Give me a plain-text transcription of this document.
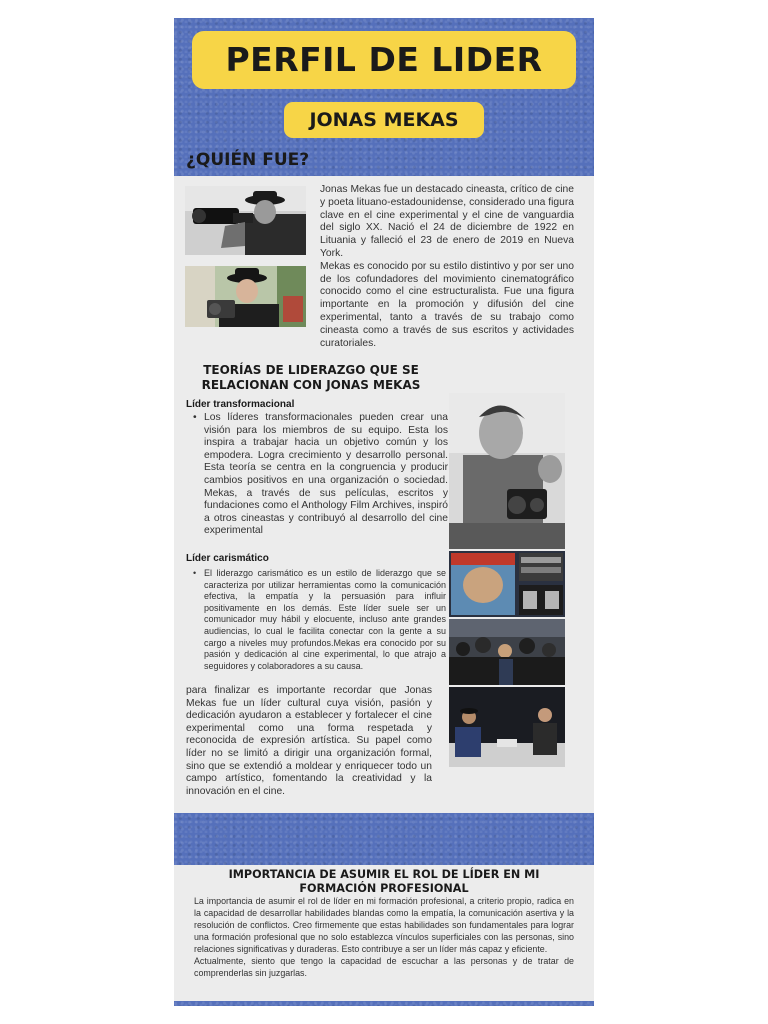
PERFIL DE LIDER
JONAS MEKAS
¿QUIÉN FUE?

Jonas Mekas fue un destacado cineasta, crítico de cine y poeta lituano-estadounidense, considerado una figura clave en el cine experimental y el cine de vanguardia del siglo XX. Nació el 24 de diciembre de 1922 en Lituania y falleció el 23 de enero de 2019 en Nueva York.

Mekas es conocido por su estilo distintivo y por ser uno de los cofundadores del movimiento cinematográfico conocido como el cine estructuralista. Fue una figura importante en la promoción y difusión del cine experimental, tanto a través de su trabajo como cineasta como a través de sus escritos y actividades curatoriales.

TEORÍAS DE LIDERAZGO QUE SE RELACIONAN CON JONAS MEKAS
Líder transformacional

• Los líderes transformacionales pueden crear una visión para los miembros de su equipo. Esta los inspira a trabajar hacia un objetivo común y los empodera. Logra crecimiento y desarrollo personal. Esta teoría se centra en la congruencia y producir cambios positivos en una organización o sociedad. Mekas, a través de sus películas, escritos y fundaciones como el Anthology Film Archives, inspiró a otros cineastas y contribuyó al desarrollo del cine experimental

Líder carismático

• El liderazgo carismático es un estilo de liderazgo que se caracteriza por utilizar herramientas como la comunicación efectiva, la empatía y la persuasión para influir positivamente en los demás. Este líder suele ser un comunicador muy hábil y elocuente, incluso ante grandes audiencias, lo cual le facilita conectar con la gente a su cargo a niveles muy profundos.Mekas era conocido por su pasión y dedicación al cine experimental, lo que atrajo a seguidores y colaboradores a su causa.

para finalizar es importante recordar que Jonas Mekas fue un líder cultural cuya visión, pasión y dedicación ayudaron a establecer y fortalecer el cine experimental como una forma respetada y reconocida de expresión artística. Su papel como líder no se limitó a dirigir una organización formal, sino que se extendió a moldear y enriquecer todo un campo artístico, fomentando la creatividad y la innovación en el cine.

IMPORTANCIA DE ASUMIR EL ROL DE LÍDER EN MI FORMACIÓN PROFESIONAL

La importancia de asumir el rol de líder en mi formación profesional, a criterio propio, radica en la capacidad de desarrollar habilidades blandas como la empatía, la comunicación asertiva y la resolución de conflictos. Creo firmemente que estas habilidades son fundamentales para lograr una formación profesional que no solo establezca vínculos superficiales con las personas, sino relaciones significativas y duraderas. Esto contribuye a ser un líder más capaz y eficiente.

Actualmente, siento que tengo la capacidad de escuchar a las personas y de tratar de comprenderlas sin juzgarlas.
